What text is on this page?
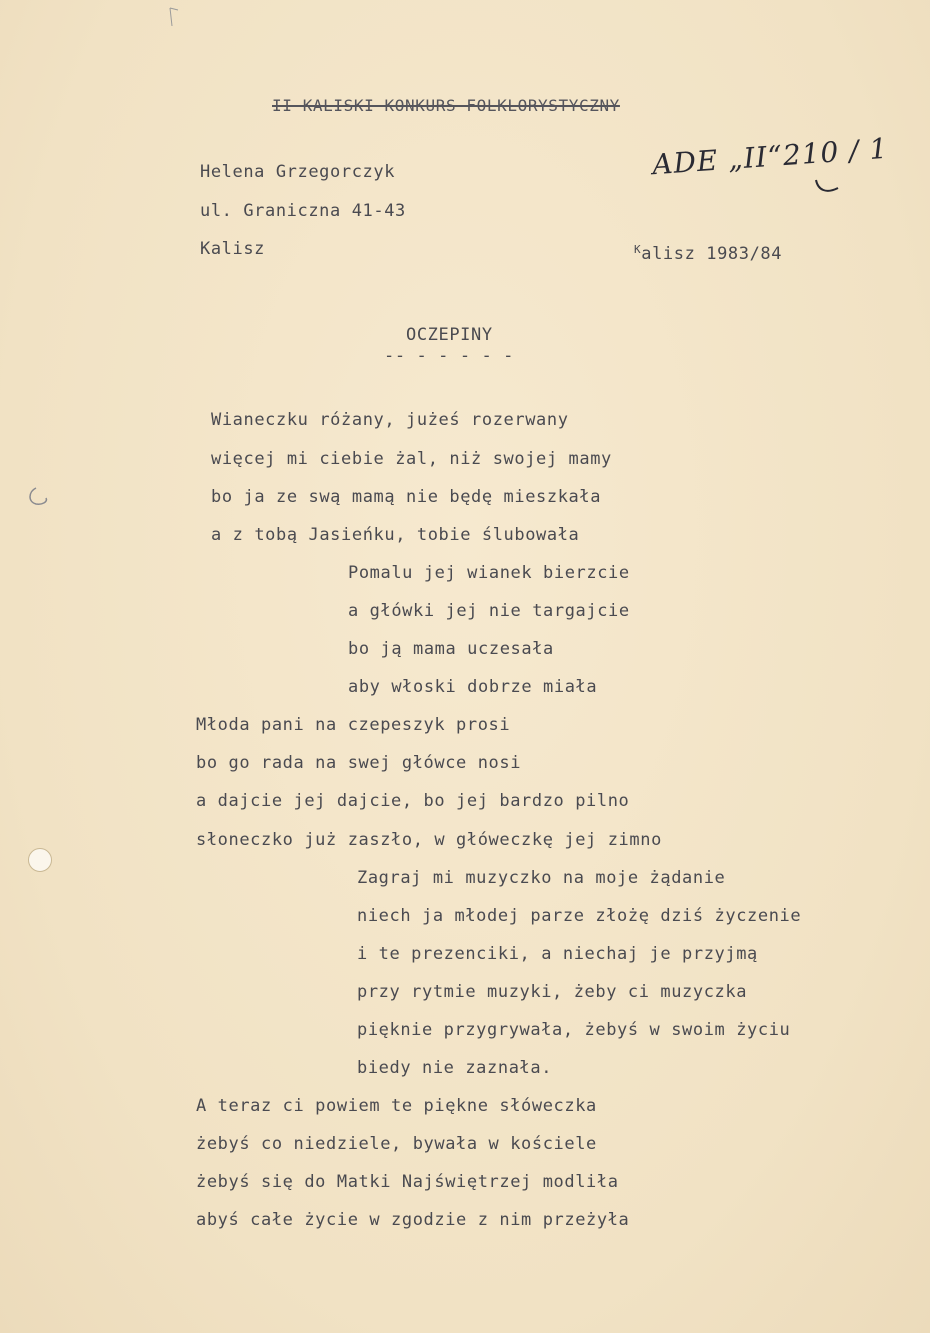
II KALISKI KONKURS FOLKLORYSTYCZNY
ADE „II“210 / 1
Helena Grzegorczyk
ul. Graniczna 41-43
Kalisz	$^K$alisz 1983/84
OCZEPINY
-- - - - - -
Wianeczku różany, jużeś rozerwany
więcej mi ciebie żal, niż swojej mamy
bo ja ze swą mamą nie będę mieszkała
a z tobą Jasieńku, tobie ślubowała
Pomalu jej wianek bierzcie
a główki jej nie targajcie
bo ją mama uczesała
aby włoski dobrze miała
Młoda pani na czepeszyk prosi
bo go rada na swej główce nosi
a dajcie jej dajcie, bo jej bardzo pilno
słoneczko już zaszło, w główeczkę jej zimno
Zagraj mi muzyczko na moje żądanie
niech ja młodej parze złożę dziś życzenie
i te prezenciki, a niechaj je przyjmą
przy rytmie muzyki, żeby ci muzyczka
pięknie przygrywała, żebyś w swoim życiu
biedy nie zaznała.
A teraz ci powiem te piękne słóweczka
żebyś co niedziele, bywała w kościele
żebyś się do Matki Najświętrzej modliła
abyś całe życie w zgodzie z nim przeżyła
